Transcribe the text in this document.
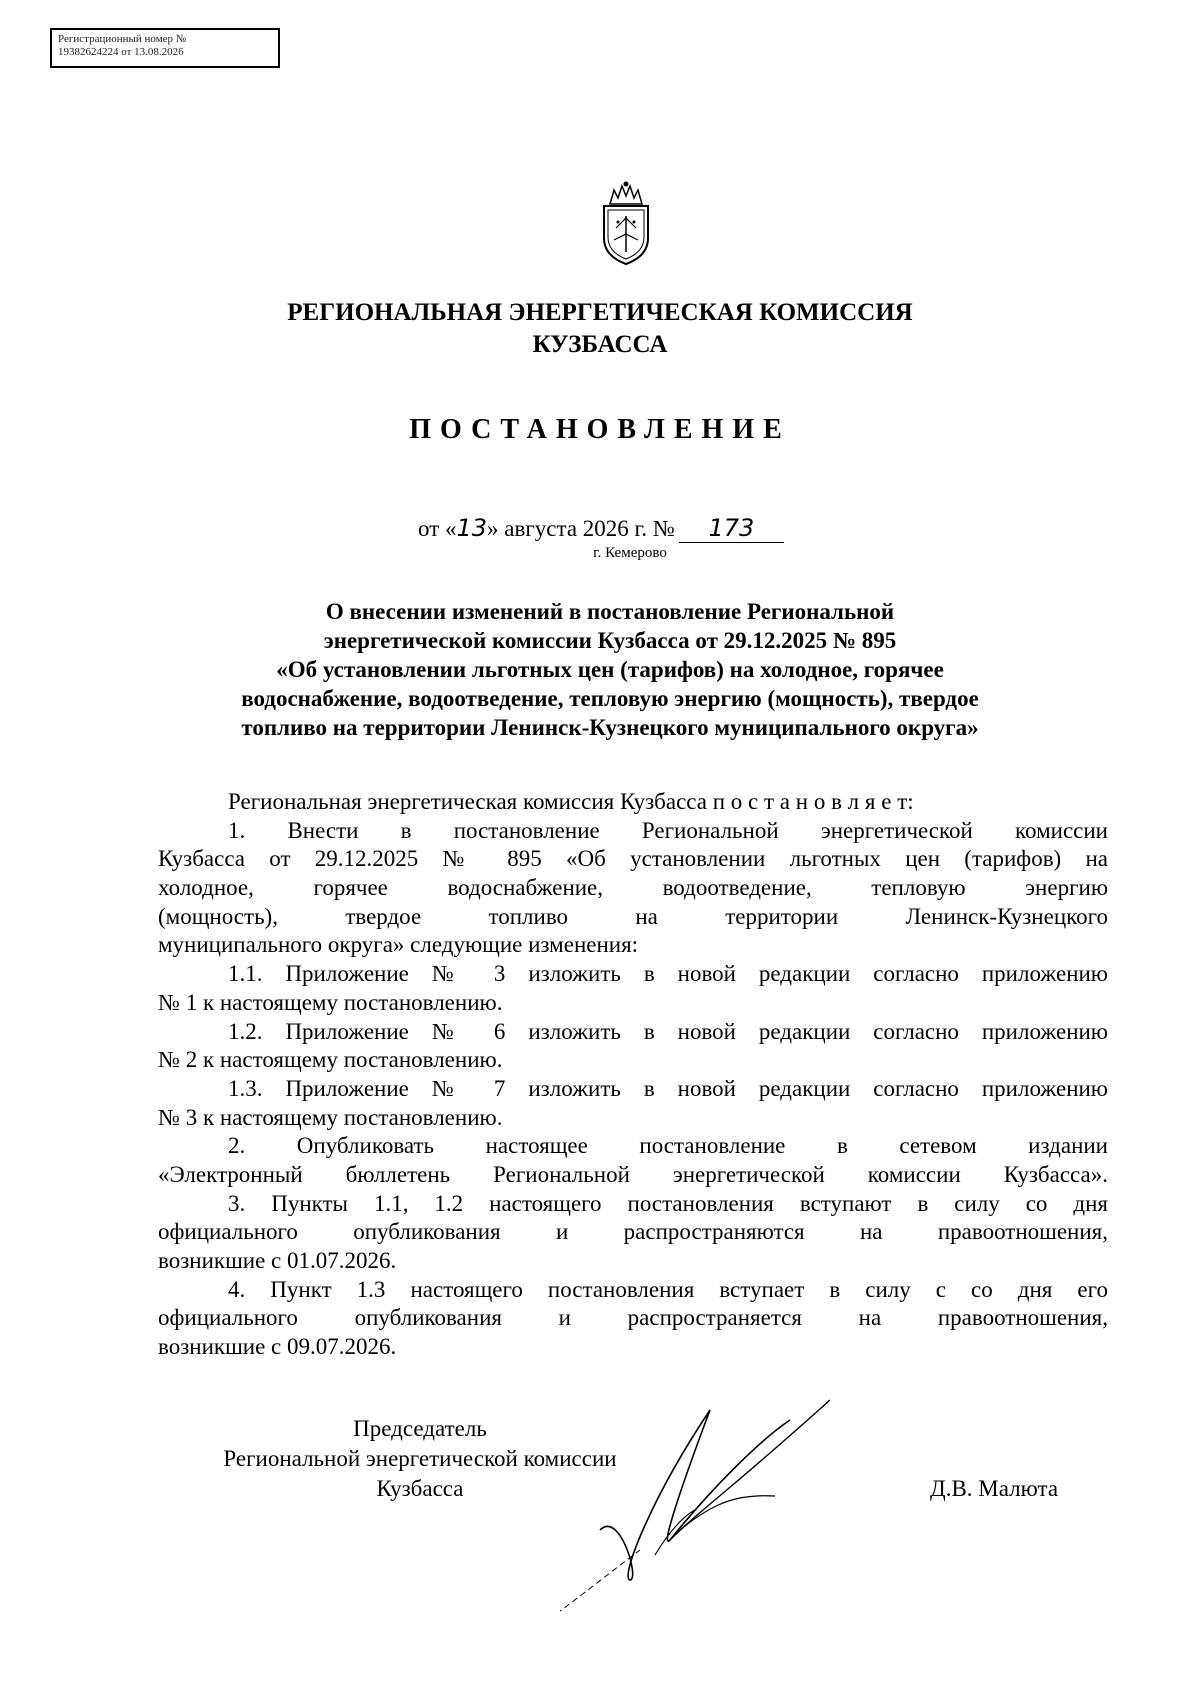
Регистрационный номер №
19382624224 от 13.08.2026
РЕГИОНАЛЬНАЯ ЭНЕРГЕТИЧЕСКАЯ КОМИССИЯ
КУЗБАССА
ПОСТАНОВЛЕНИЕ
от «13» августа 2026 г. № 173
г. Кемерово
О внесении изменений в постановление Региональной
энергетической комиссии Кузбасса от 29.12.2025 № 895
«Об установлении льготных цен (тарифов) на холодное, горячее
водоснабжение, водоотведение, тепловую энергию (мощность), твердое
топливо на территории Ленинск-Кузнецкого муниципального округа»
Региональная энергетическая комиссия Кузбасса п о с т а н о в л я е т:
1. Внести в постановление Региональной энергетической комиссии
Кузбасса от 29.12.2025 № 895 «Об установлении льготных цен (тарифов) на
холодное, горячее водоснабжение, водоотведение, тепловую энергию
(мощность), твердое топливо на территории Ленинск-Кузнецкого
муниципального округа» следующие изменения:
1.1. Приложение № 3 изложить в новой редакции согласно приложению
№ 1 к настоящему постановлению.
1.2. Приложение № 6 изложить в новой редакции согласно приложению
№ 2 к настоящему постановлению.
1.3. Приложение № 7 изложить в новой редакции согласно приложению
№ 3 к настоящему постановлению.
2. Опубликовать настоящее постановление в сетевом издании
«Электронный бюллетень Региональной энергетической комиссии Кузбасса».
3. Пункты 1.1, 1.2 настоящего постановления вступают в силу со дня
официального опубликования и распространяются на правоотношения,
возникшие с 01.07.2026.
4. Пункт 1.3 настоящего постановления вступает в силу с со дня его
официального опубликования и распространяется на правоотношения,
возникшие с 09.07.2026.
Председатель
Региональной энергетической комиссии
Кузбасса	Д.В. Малюта
